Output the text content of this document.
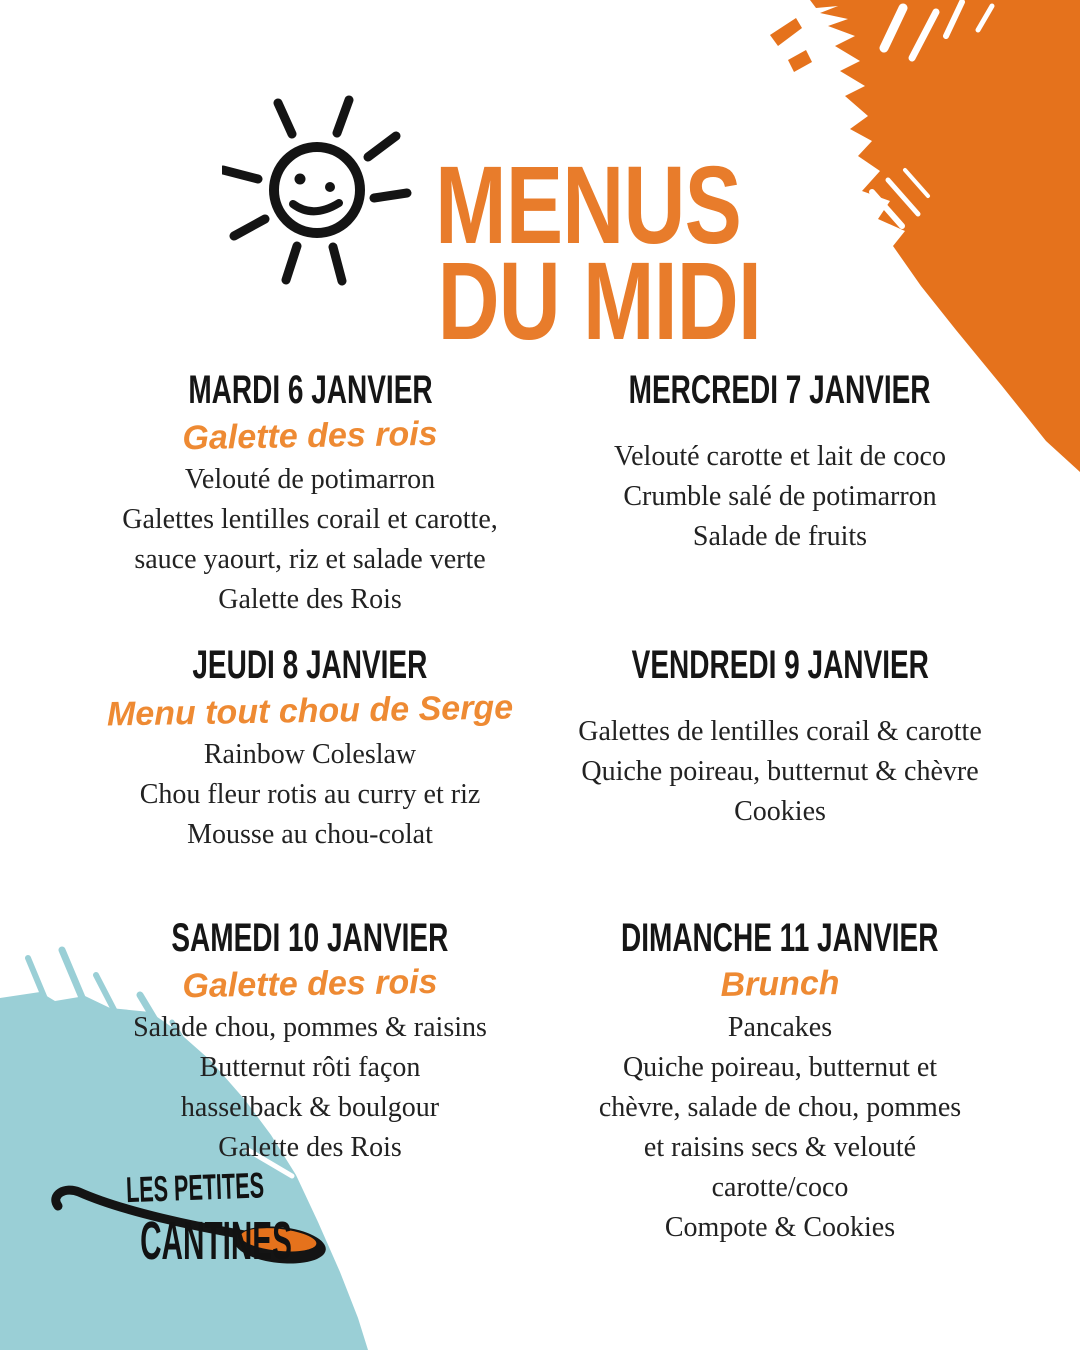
MENUS
DU MIDI
MARDI 6 JANVIER
Galette des rois
Velouté de potimarron
Galettes lentilles corail et carotte,
sauce yaourt, riz et salade verte
Galette des Rois
MERCREDI 7 JANVIER
Velouté carotte et lait de coco
Crumble salé de potimarron
Salade de fruits
JEUDI 8 JANVIER
Menu tout chou de Serge
Rainbow Coleslaw
Chou fleur rotis au curry et riz
Mousse au chou-colat
VENDREDI 9 JANVIER
Galettes de lentilles corail & carotte
Quiche poireau, butternut & chèvre
Cookies
SAMEDI 10 JANVIER
Galette des rois
Salade chou, pommes & raisins
Butternut rôti façon
hasselback & boulgour
Galette des Rois
DIMANCHE 11 JANVIER
Brunch
Pancakes
Quiche poireau, butternut et
chèvre, salade de chou, pommes
et raisins secs & velouté
carotte/coco
Compote & Cookies
LES PETITES
CANTINES
